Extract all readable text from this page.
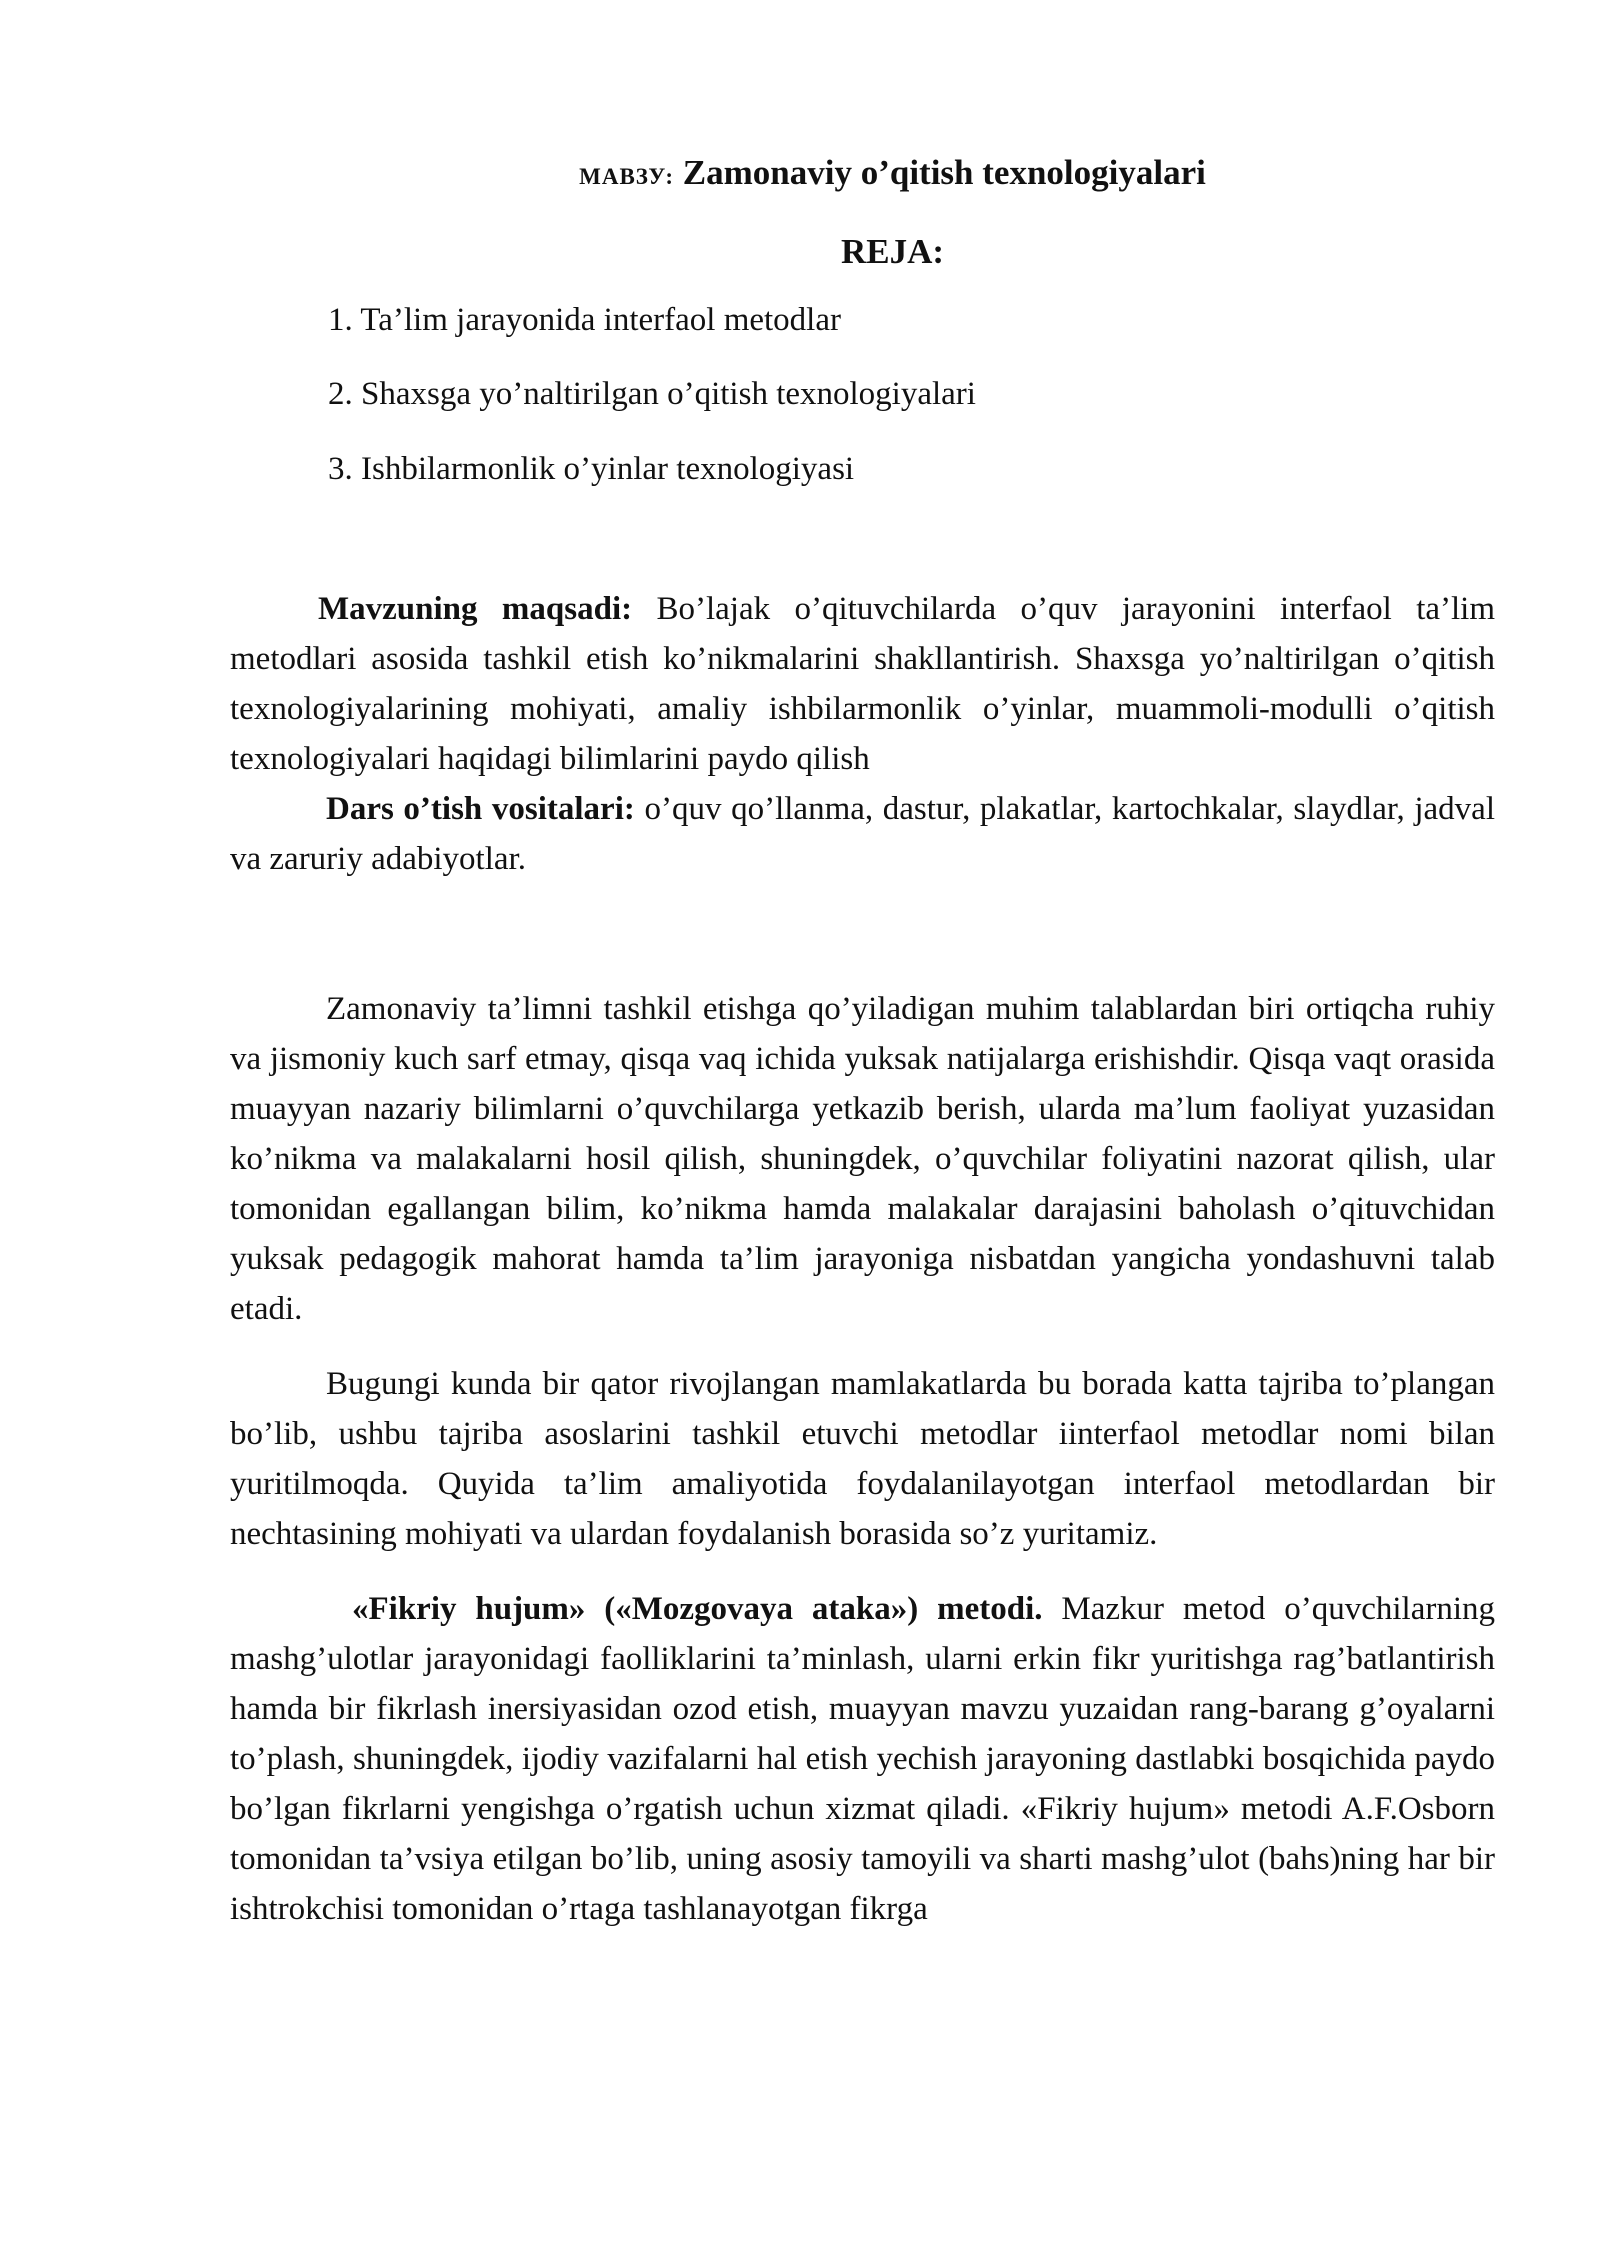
МАВЗУ: Zamonaviy o’qitish texnologiyalari

REJA:

1. Ta’lim jarayonida interfaol metodlar
2. Shaxsga yo’naltirilgan o’qitish texnologiyalari
3. Ishbilarmonlik o’yinlar texnologiyasi

Mavzuning maqsadi: Bo’lajak o’qituvchilarda o’quv jarayonini interfaol ta’lim metodlari asosida tashkil etish ko’nikmalarini shakllantirish. Shaxsga yo’naltirilgan o’qitish texnologiyalarining mohiyati, amaliy ishbilarmonlik o’yinlar, muammoli-modulli o’qitish texnologiyalari haqidagi bilimlarini paydo qilish

Dars o’tish vositalari: o’quv qo’llanma, dastur, plakatlar, kartochkalar, slaydlar, jadval va zaruriy adabiyotlar.

Zamonaviy ta’limni tashkil etishga qo’yiladigan muhim talablardan biri ortiqcha ruhiy va jismoniy kuch sarf etmay, qisqa vaq ichida yuksak natijalarga erishishdir. Qisqa vaqt orasida muayyan nazariy bilimlarni o’quvchilarga yetkazib berish, ularda ma’lum faoliyat yuzasidan ko’nikma va malakalarni hosil qilish, shuningdek, o’quvchilar foliyatini nazorat qilish, ular tomonidan egallangan bilim, ko’nikma hamda malakalar darajasini baholash o’qituvchidan yuksak pedagogik mahorat hamda ta’lim jarayoniga nisbatdan yangicha yondashuvni talab etadi.

Bugungi kunda bir qator rivojlangan mamlakatlarda bu borada katta tajriba to’plangan bo’lib, ushbu tajriba asoslarini tashkil etuvchi metodlar iinterfaol metodlar nomi bilan yuritilmoqda. Quyida ta’lim amaliyotida foydalanilayotgan interfaol metodlardan bir nechtasining mohiyati va ulardan foydalanish borasida so’z yuritamiz.

«Fikriy hujum» («Mozgovaya ataka») metodi. Mazkur metod o’quvchilarning mashg’ulotlar jarayonidagi faolliklarini ta’minlash, ularni erkin fikr yuritishga rag’batlantirish hamda bir fikrlash inersiyasidan ozod etish, muayyan mavzu yuzaidan rang-barang g’oyalarni to’plash, shuningdek, ijodiy vazifalarni hal etish yechish jarayoning dastlabki bosqichida paydo bo’lgan fikrlarni yengishga o’rgatish uchun xizmat qiladi. «Fikriy hujum» metodi A.F.Osborn tomonidan ta’vsiya etilgan bo’lib, uning asosiy tamoyili va sharti mashg’ulot (bahs)ning har bir ishtrokchisi tomonidan o’rtaga tashlanayotgan fikrga
